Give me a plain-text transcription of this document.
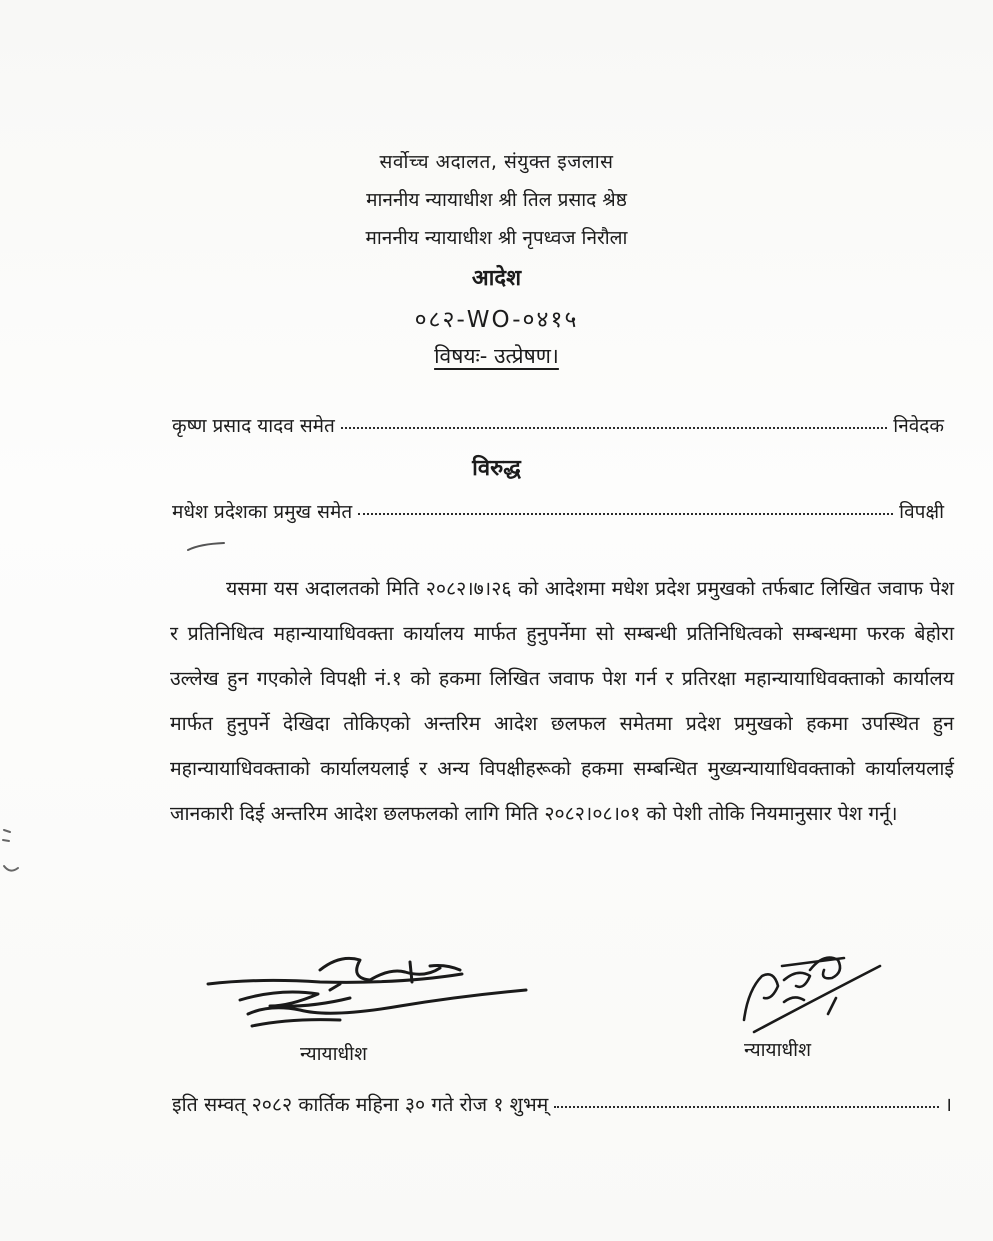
सर्वोच्च अदालत, संयुक्त इजलास
माननीय न्यायाधीश श्री तिल प्रसाद श्रेष्ठ
माननीय न्यायाधीश श्री नृपध्वज निरौला
आदेश
०८२-WO-०४१५
विषयः- उत्प्रेषण।
कृष्ण प्रसाद यादव समेत	निवेदक
विरुद्ध
मधेश प्रदेशका प्रमुख समेत	विपक्षी

यसमा यस अदालतको मिति २०८२।७।२६ को आदेशमा मधेश प्रदेश प्रमुखको तर्फबाट लिखित जवाफ पेश र प्रतिनिधित्व महान्यायाधिवक्ता कार्यालय मार्फत हुनुपर्नेमा सो सम्बन्धी प्रतिनिधित्वको सम्बन्धमा फरक बेहोरा उल्लेख हुन गएकोले विपक्षी नं.१ को हकमा लिखित जवाफ पेश गर्न र प्रतिरक्षा महान्यायाधिवक्ताको कार्यालय मार्फत हुनुपर्ने देखिदा तोकिएको अन्तरिम आदेश छलफल समेतमा प्रदेश प्रमुखको हकमा उपस्थित हुन महान्यायाधिवक्ताको कार्यालयलाई र अन्य विपक्षीहरूको हकमा सम्बन्धित मुख्यन्यायाधिवक्ताको कार्यालयलाई जानकारी दिई अन्तरिम आदेश छलफलको लागि मिति २०८२।०८।०१ को पेशी तोकि नियमानुसार पेश गर्नू।

न्यायाधीश	न्यायाधीश
इति सम्वत् २०८२ कार्तिक महिना ३० गते रोज १ शुभम्	।
